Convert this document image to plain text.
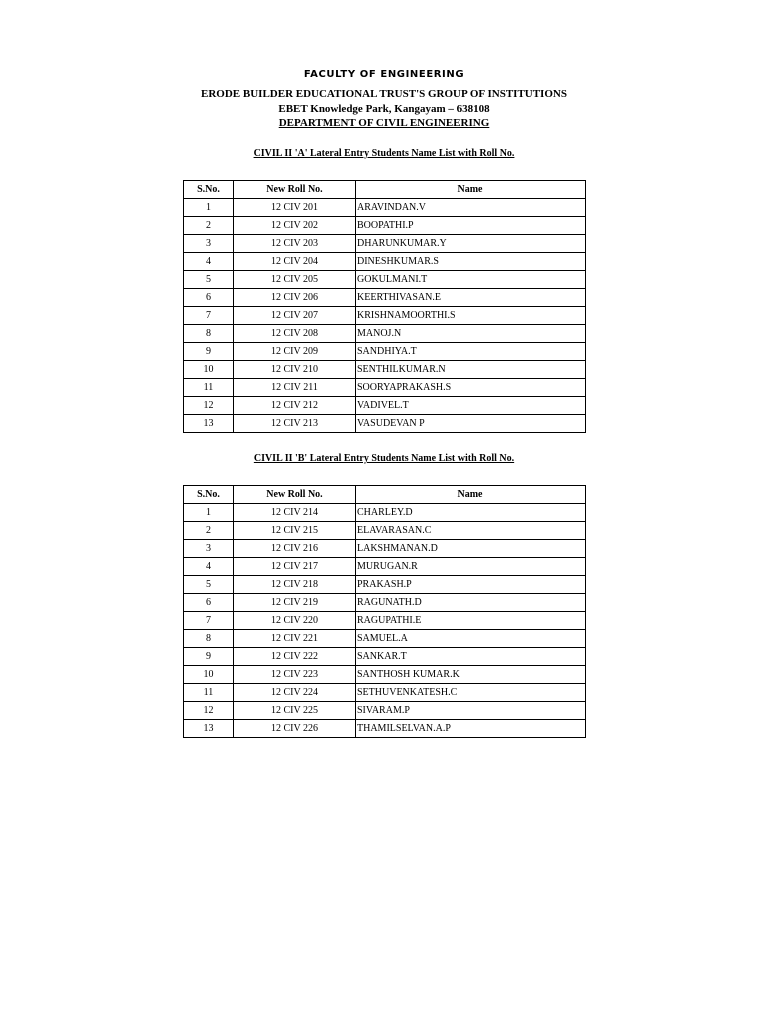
FACULTY OF ENGINEERING
ERODE BUILDER EDUCATIONAL TRUST'S GROUP OF INSTITUTIONS
EBET Knowledge Park, Kangayam – 638108
DEPARTMENT OF CIVIL ENGINEERING
CIVIL II 'A' Lateral Entry Students Name List with Roll No.
S.No.	New Roll No.	Name
1	12 CIV 201	ARAVINDAN.V
2	12 CIV 202	BOOPATHI.P
3	12 CIV 203	DHARUNKUMAR.Y
4	12 CIV 204	DINESHKUMAR.S
5	12 CIV 205	GOKULMANI.T
6	12 CIV 206	KEERTHIVASAN.E
7	12 CIV 207	KRISHNAMOORTHI.S
8	12 CIV 208	MANOJ.N
9	12 CIV 209	SANDHIYA.T
10	12 CIV 210	SENTHILKUMAR.N
11	12 CIV 211	SOORYAPRAKASH.S
12	12 CIV 212	VADIVEL.T
13	12 CIV 213	VASUDEVAN P
CIVIL II 'B' Lateral Entry Students Name List with Roll No.
S.No.	New Roll No.	Name
1	12 CIV 214	CHARLEY.D
2	12 CIV 215	ELAVARASAN.C
3	12 CIV 216	LAKSHMANAN.D
4	12 CIV 217	MURUGAN.R
5	12 CIV 218	PRAKASH.P
6	12 CIV 219	RAGUNATH.D
7	12 CIV 220	RAGUPATHI.E
8	12 CIV 221	SAMUEL.A
9	12 CIV 222	SANKAR.T
10	12 CIV 223	SANTHOSH KUMAR.K
11	12 CIV 224	SETHUVENKATESH.C
12	12 CIV 225	SIVARAM.P
13	12 CIV 226	THAMILSELVAN.A.P
